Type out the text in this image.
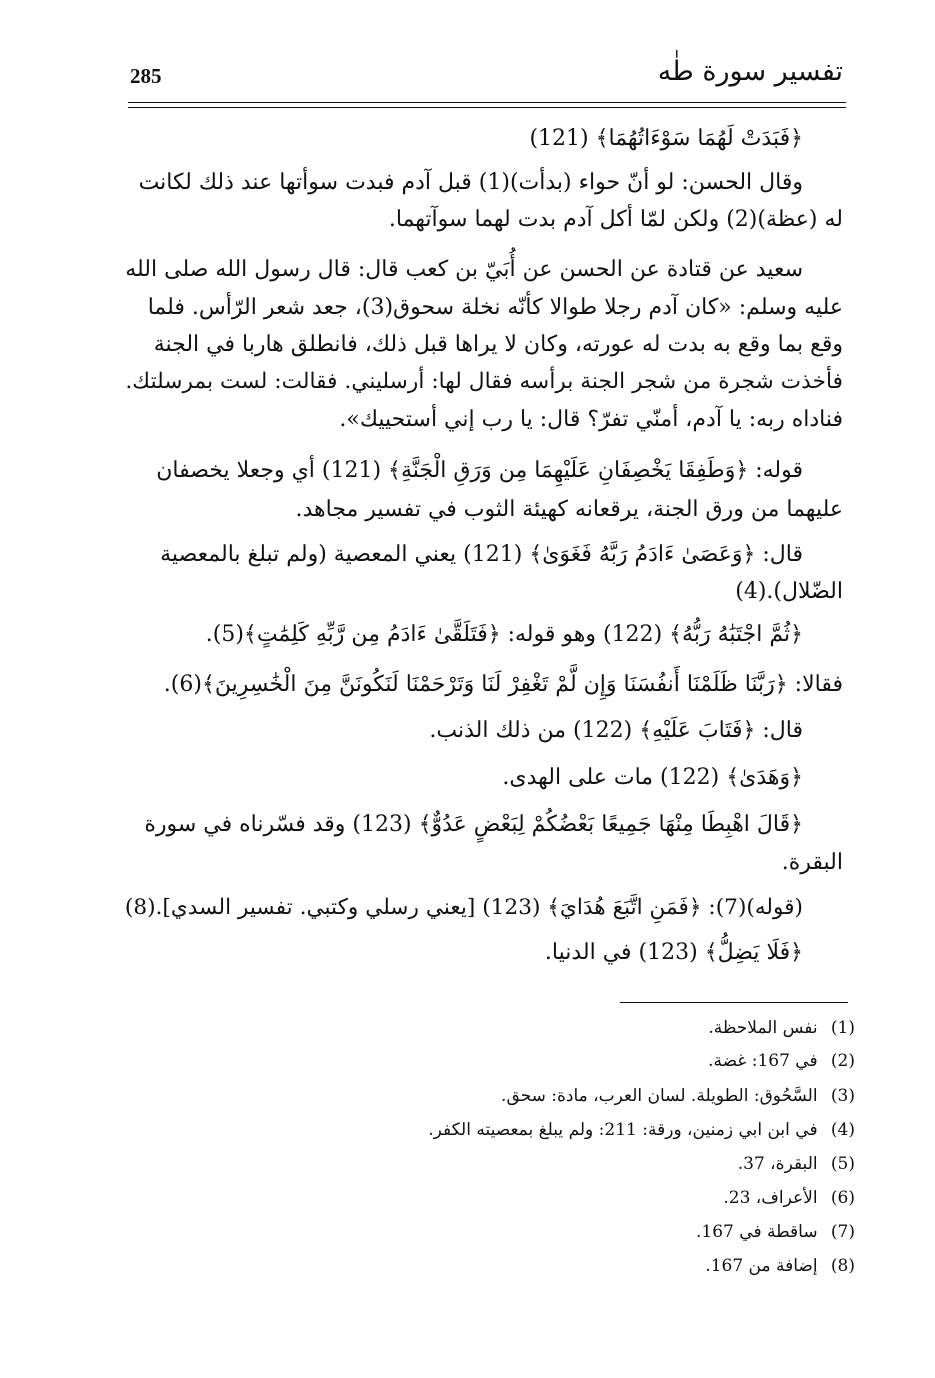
تفسير سورة طٰه
285
﴿فَبَدَتْ لَهُمَا سَوْءَاتُهُمَا﴾ (121)
وقال الحسن: لو أنّ حواء (بدأت)(1) قبل آدم فبدت سوأتها عند ذلك لكانت
له (عظة)(2) ولكن لمّا أكل آدم بدت لهما سوآتهما.
سعيد عن قتادة عن الحسن عن أُبَيّ بن كعب قال: قال رسول الله صلى الله
عليه وسلم: «كان آدم رجلا طوالا كأنّه نخلة سحوق(3)، جعد شعر الرّأس. فلما
وقع بما وقع به بدت له عورته، وكان لا يراها قبل ذلك، فانطلق هاربا في الجنة
فأخذت شجرة من شجر الجنة برأسه فقال لها: أرسليني. فقالت: لست بمرسلتك.
فناداه ربه: يا آدم، أمنّي تفرّ؟ قال: يا رب إني أستحييك».
قوله: ﴿وَطَفِقَا يَخْصِفَانِ عَلَيْهِمَا مِن وَرَقِ الْجَنَّةِ﴾ (121) أي وجعلا يخصفان
عليهما من ورق الجنة، يرقعانه كهيئة الثوب في تفسير مجاهد.
قال: ﴿وَعَصَىٰ ءَادَمُ رَبَّهُ فَغَوَىٰ﴾ (121) يعني المعصية (ولم تبلغ بالمعصية
الضّلال).(4)
﴿ثُمَّ اجْتَبَٰهُ رَبُّهُ﴾ (122) وهو قوله: ﴿فَتَلَقَّىٰ ءَادَمُ مِن رَّبِّهِ كَلِمَٰتٍ﴾(5).
فقالا: ﴿رَبَّنَا ظَلَمْنَا أَنفُسَنَا وَإِن لَّمْ تَغْفِرْ لَنَا وَتَرْحَمْنَا لَنَكُونَنَّ مِنَ الْخَٰسِرِينَ﴾(6).
قال: ﴿فَتَابَ عَلَيْهِ﴾ (122) من ذلك الذنب.
﴿وَهَدَىٰ﴾ (122) مات على الهدى.
﴿قَالَ اهْبِطَا مِنْهَا جَمِيعًا بَعْضُكُمْ لِبَعْضٍ عَدُوٌّ﴾ (123) وقد فسّرناه في سورة
البقرة.
(قوله)(7): ﴿فَمَنِ اتَّبَعَ هُدَايَ﴾ (123) [يعني رسلي وكتبي. تفسير السدي].(8)
﴿فَلَا يَضِلُّ﴾ (123) في الدنيا.
(1) نفس الملاحظة.
(2) في 167: غضة.
(3) السَّحُوق: الطويلة. لسان العرب، مادة: سحق.
(4) في ابن ابي زمنين، ورقة: 211: ولم يبلغ بمعصيته الكفر.
(5) البقرة، 37.
(6) الأعراف، 23.
(7) ساقطة في 167.
(8) إضافة من 167.
